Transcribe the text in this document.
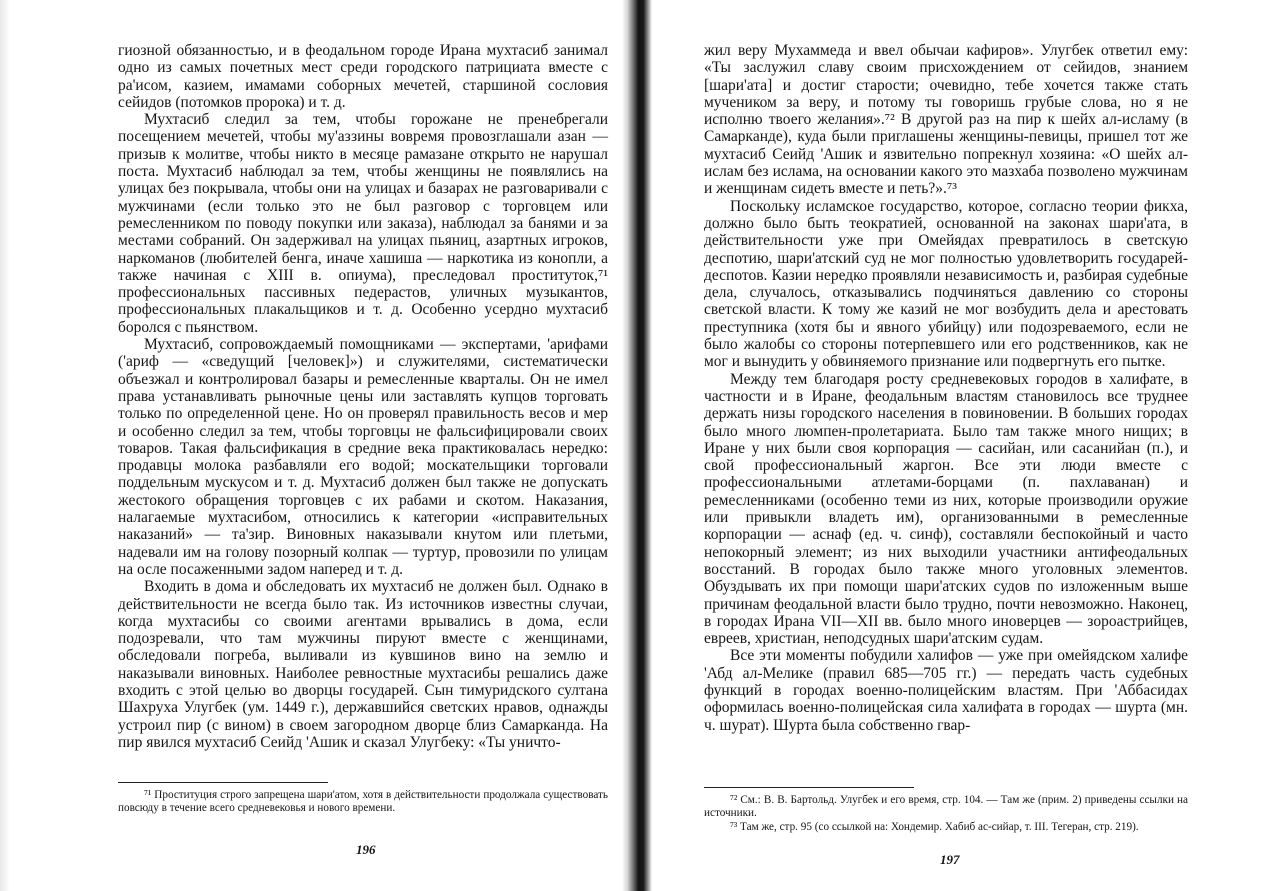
гиозной обязанностью, и в феодальном городе Ирана мухтасиб занимал одно из самых почетных мест среди городского патрициата вместе с ра'исом, казием, имамами соборных мечетей, старшиной сословия сейидов (потомков пророка) и т. д.

Мухтасиб следил за тем, чтобы горожане не пренебрегали посещением мечетей, чтобы му'аззины вовремя провозглашали азан — призыв к молитве, чтобы никто в месяце рамазане открыто не нарушал поста. Мухтасиб наблюдал за тем, чтобы женщины не появлялись на улицах без покрывала, чтобы они на улицах и базарах не разговаривали с мужчинами (если только это не был разговор с торговцем или ремесленником по поводу покупки или заказа), наблюдал за банями и за местами собраний. Он задерживал на улицах пьяниц, азартных игроков, наркоманов (любителей бенга, иначе хашиша — наркотика из конопли, а также начиная с XIII в. опиума), преследовал проституток,⁷¹ профессиональных пассивных педерастов, уличных музыкантов, профессиональных плакальщиков и т. д. Особенно усердно мухтасиб боролся с пьянством.

Мухтасиб, сопровождаемый помощниками — экспертами, 'арифами ('ариф — «сведущий [человек]») и служителями, систематически объезжал и контролировал базары и ремесленные кварталы. Он не имел права устанавливать рыночные цены или заставлять купцов торговать только по определенной цене. Но он проверял правильность весов и мер и особенно следил за тем, чтобы торговцы не фальсифицировали своих товаров. Такая фальсификация в средние века практиковалась нередко: продавцы молока разбавляли его водой; москательщики торговали поддельным мускусом и т. д. Мухтасиб должен был также не допускать жестокого обращения торговцев с их рабами и скотом. Наказания, налагаемые мухтасибом, относились к категории «исправительных наказаний» — та'зир. Виновных наказывали кнутом или плетьми, надевали им на голову позорный колпак — туртур, провозили по улицам на осле посаженными задом наперед и т. д.

Входить в дома и обследовать их мухтасиб не должен был. Однако в действительности не всегда было так. Из источников известны случаи, когда мухтасибы со своими агентами врывались в дома, если подозревали, что там мужчины пируют вместе с женщинами, обследовали погреба, выливали из кувшинов вино на землю и наказывали виновных. Наиболее ревностные мухтасибы решались даже входить с этой целью во дворцы государей. Сын тимуридского султана Шахруха Улугбек (ум. 1449 г.), державшийся светских нравов, однажды устроил пир (с вином) в своем загородном дворце близ Самарканда. На пир явился мухтасиб Сеийд 'Ашик и сказал Улугбеку: «Ты уничто-

⁷¹ Проституция строго запрещена шари'атом, хотя в действительности продолжала существовать повсюду в течение всего средневековья и нового времени.

196

жил веру Мухаммеда и ввел обычаи кафиров». Улугбек ответил ему: «Ты заслужил славу своим присхождением от сейидов, знанием [шари'ата] и достиг старости; очевидно, тебе хочется также стать мучеником за веру, и потому ты говоришь грубые слова, но я не исполню твоего желания».⁷² В другой раз на пир к шейх ал-исламу (в Самарканде), куда были приглашены женщины-певицы, пришел тот же мухтасиб Сеийд 'Ашик и язвительно попрекнул хозяина: «О шейх ал-ислам без ислама, на основании какого это мазхаба позволено мужчинам и женщинам сидеть вместе и петь?».⁷³

Поскольку исламское государство, которое, согласно теории фикха, должно было быть теократией, основанной на законах шари'ата, в действительности уже при Омейядах превратилось в светскую деспотию, шари'атский суд не мог полностью удовлетворить государей-деспотов. Казии нередко проявляли независимость и, разбирая судебные дела, случалось, отказывались подчиняться давлению со стороны светской власти. К тому же казий не мог возбудить дела и арестовать преступника (хотя бы и явного убийцу) или подозреваемого, если не было жалобы со стороны потерпевшего или его родственников, как не мог и вынудить у обвиняемого признание или подвергнуть его пытке.

Между тем благодаря росту средневековых городов в халифате, в частности и в Иране, феодальным властям становилось все труднее держать низы городского населения в повиновении. В больших городах было много люмпен-пролетариата. Было там также много нищих; в Иране у них были своя корпорация — сасийан, или сасанийан (п.), и свой профессиональный жаргон. Все эти люди вместе с профессиональными атлетами-борцами (п. пахлаванан) и ремесленниками (особенно теми из них, которые производили оружие или привыкли владеть им), организованными в ремесленные корпорации — аснаф (ед. ч. синф), составляли беспокойный и часто непокорный элемент; из них выходили участники антифеодальных восстаний. В городах было также много уголовных элементов. Обуздывать их при помощи шари'атских судов по изложенным выше причинам феодальной власти было трудно, почти невозможно. Наконец, в городах Ирана VII—XII вв. было много иноверцев — зороастрийцев, евреев, христиан, неподсудных шари'атским судам.

Все эти моменты побудили халифов — уже при омейядском халифе 'Абд ал-Мелике (правил 685—705 гг.) — передать часть судебных функций в городах военно-полицейским властям. При 'Аббасидах оформилась военно-полицейская сила халифата в городах — шурта (мн. ч. шурат). Шурта была собственно гвар-

⁷² См.: В. В. Бартольд. Улугбек и его время, стр. 104. — Там же (прим. 2) приведены ссылки на источники.

⁷³ Там же, стр. 95 (со ссылкой на: Хондемир. Хабиб ас-сийар, т. III. Тегеран, стр. 219).

197
